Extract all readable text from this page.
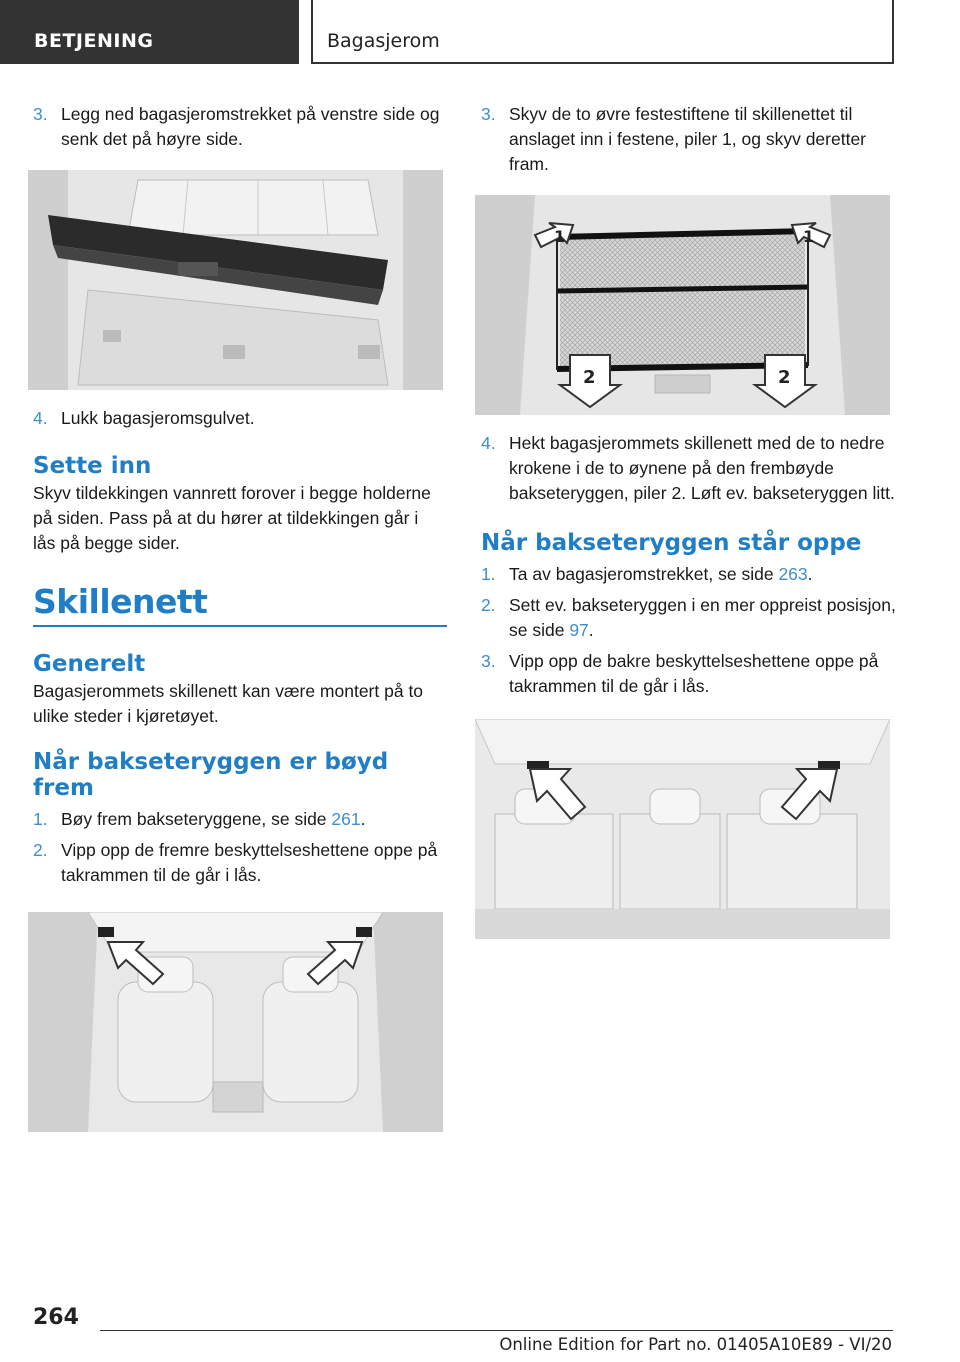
BETJENING	Bagasjerom
3. Legg ned bagasjeromstrekket på venstre side og senk det på høyre side.
4. Lukk bagasjeromsgulvet.
Sette inn

Skyv tildekkingen vannrett forover i begge holderne på siden. Pass på at du hører at tildekkingen går i lås på begge sider.

Skillenett
Generelt

Bagasjerommets skillenett kan være montert på to ulike steder i kjøretøyet.

Når bakseteryggen er bøyd frem
1. Bøy frem bakseteryggene, se side 261.
2. Vipp opp de fremre beskyttelseshettene oppe på takrammen til de går i lås.
3. Skyv de to øvre festestiftene til skillenettet til anslaget inn i festene, piler 1, og skyv deretter fram.
1	1
2	2
4. Hekt bagasjerommets skillenett med de to nedre krokene i de to øynene på den frembøyde bakseteryggen, piler 2. Løft ev. bakseteryggen litt.
Når bakseteryggen står oppe
1. Ta av bagasjeromstrekket, se side 263.
2. Sett ev. bakseteryggen i en mer oppreist posisjon, se side 97.
3. Vipp opp de bakre beskyttelseshettene oppe på takrammen til de går i lås.
264
Online Edition for Part no. 01405A10E89 - VI/20
